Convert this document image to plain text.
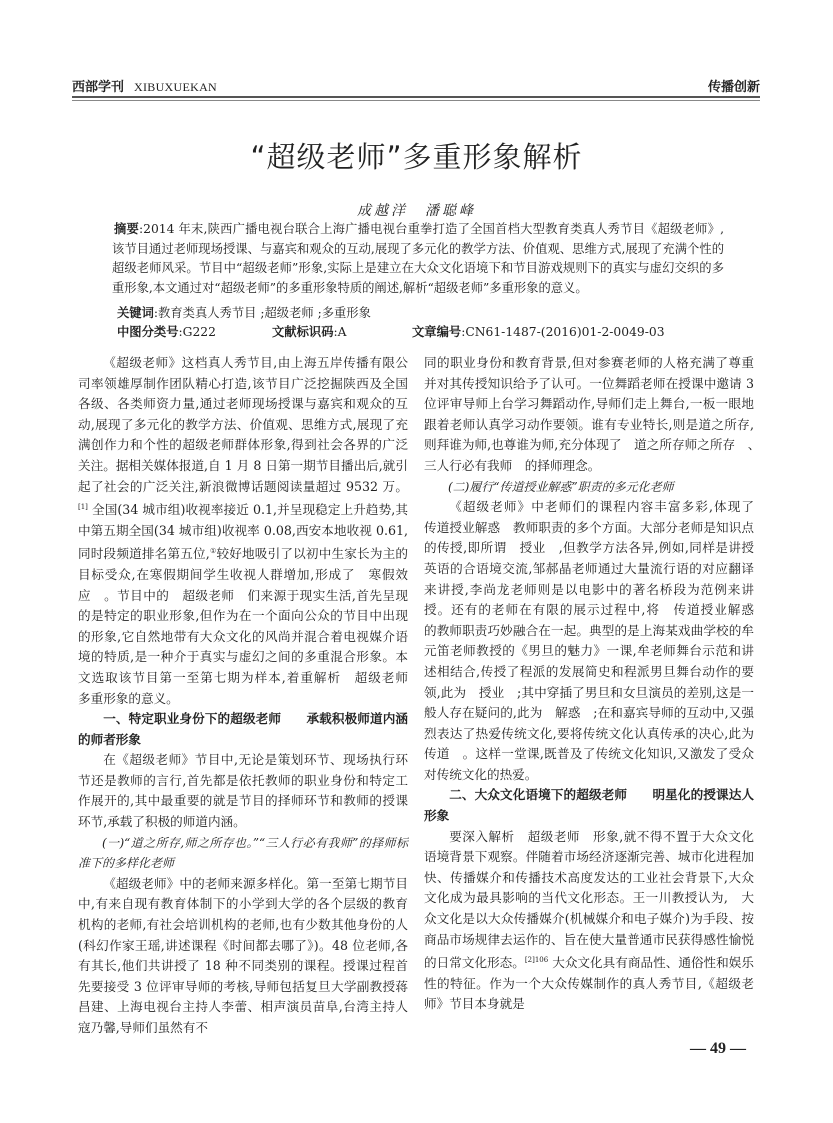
西部学刊 XIBUXUEKAN	传播创新
“超级老师”多重形象解析
成越洋　潘聪峰

摘要:2014 年末,陕西广播电视台联合上海广播电视台重拳打造了全国首档大型教育类真人秀节目《超级老师》,该节目通过老师现场授课、与嘉宾和观众的互动,展现了多元化的教学方法、价值观、思维方式,展现了充满个性的超级老师风采。节目中“超级老师”形象,实际上是建立在大众文化语境下和节目游戏规则下的真实与虚幻交织的多重形象,本文通过对“超级老师”的多重形象特质的阐述,解析“超级老师”多重形象的意义。

关键词:教育类真人秀节目 ;超级老师 ;多重形象
中图分类号:G222	文献标识码:A	文章编号:CN61-1487-(2016)01-2-0049-03

《超级老师》这档真人秀节目,由上海五岸传播有限公司率领雄厚制作团队精心打造,该节目广泛挖掘陕西及全国各级、各类师资力量,通过老师现场授课与嘉宾和观众的互动,展现了多元化的教学方法、价值观、思维方式,展现了充满创作力和个性的超级老师群体形象,得到社会各界的广泛关注。据相关媒体报道,自 1 月 8 日第一期节目播出后,就引起了社会的广泛关注,新浪微博话题阅读量超过 9532 万。[1] 全国(34 城市组)收视率接近 0.1,并呈现稳定上升趋势,其中第五期全国(34 城市组)收视率 0.08,西安本地收视 0.61,同时段频道排名第五位,①较好地吸引了以初中生家长为主的目标受众,在寒假期间学生收视人群增加,形成了　寒假效应　。节目中的　超级老师　们来源于现实生活,首先呈现的是特定的职业形象,但作为在一个面向公众的节目中出现的形象,它自然地带有大众文化的风尚并混合着电视媒介语境的特质,是一种介于真实与虚幻之间的多重混合形象。本文选取该节目第一至第七期为样本,着重解析　超级老师　多重形象的意义。

一、特定职业身份下的超级老师　　承载积极师道内涵的师者形象

在《超级老师》节目中,无论是策划环节、现场执行环节还是教师的言行,首先都是依托教师的职业身份和特定工作展开的,其中最重要的就是节目的择师环节和教师的授课环节,承载了积极的师道内涵。

(一)“道之所存,师之所存也。”“三人行必有我师”的择师标准下的多样化老师

《超级老师》中的老师来源多样化。第一至第七期节目中,有来自现有教育体制下的小学到大学的各个层级的教育机构的老师,有社会培训机构的老师,也有少数其他身份的人(科幻作家王瑶,讲述课程《时间都去哪了》)。48 位老师,各有其长,他们共讲授了 18 种不同类别的课程。授课过程首先要接受 3 位评审导师的考核,导师包括复旦大学副教授蒋昌建、上海电视台主持人李蕾、相声演员苗阜,台湾主持人寇乃馨,导师们虽然有不

同的职业身份和教育背景,但对参赛老师的人格充满了尊重并对其传授知识给予了认可。一位舞蹈老师在授课中邀请 3 位评审导师上台学习舞蹈动作,导师们走上舞台,一板一眼地跟着老师认真学习动作要领。谁有专业特长,则是道之所存,则拜谁为师,也尊谁为师,充分体现了　道之所存师之所存　、　三人行必有我师　的择师理念。

(二)履行“传道授业解惑”职责的多元化老师

《超级老师》中老师们的课程内容丰富多彩,体现了　传道授业解惑　教师职责的多个方面。大部分老师是知识点的传授,即所谓　授业　,但教学方法各异,例如,同样是讲授英语的合语境交流,邹郝晶老师通过大量流行语的对应翻译来讲授,李尚龙老师则是以电影中的著名桥段为范例来讲授。还有的老师在有限的展示过程中,将　传道授业解惑　的教师职责巧妙融合在一起。典型的是上海某戏曲学校的牟元笛老师教授的《男旦的魅力》一课,牟老师舞台示范和讲述相结合,传授了程派的发展简史和程派男旦舞台动作的要领,此为　授业　;其中穿插了男旦和女旦演员的差别,这是一般人存在疑问的,此为　解惑　;在和嘉宾导师的互动中,又强烈表达了热爱传统文化,要将传统文化认真传承的决心,此为　传道　。这样一堂课,既普及了传统文化知识,又激发了受众对传统文化的热爱。

二、大众文化语境下的超级老师　　明星化的授课达人形象

要深入解析　超级老师　形象,就不得不置于大众文化语境背景下观察。伴随着市场经济逐渐完善、城市化进程加快、传播媒介和传播技术高度发达的工业社会背景下,大众文化成为最具影响的当代文化形态。王一川教授认为,　大众文化是以大众传播媒介(机械媒介和电子媒介)为手段、按商品市场规律去运作的、旨在使大量普通市民获得感性愉悦的日常文化形态。$^{[2]106}$ 大众文化具有商品性、通俗性和娱乐性的特征。作为一个大众传媒制作的真人秀节目,《超级老师》节目本身就是

— 49 —
